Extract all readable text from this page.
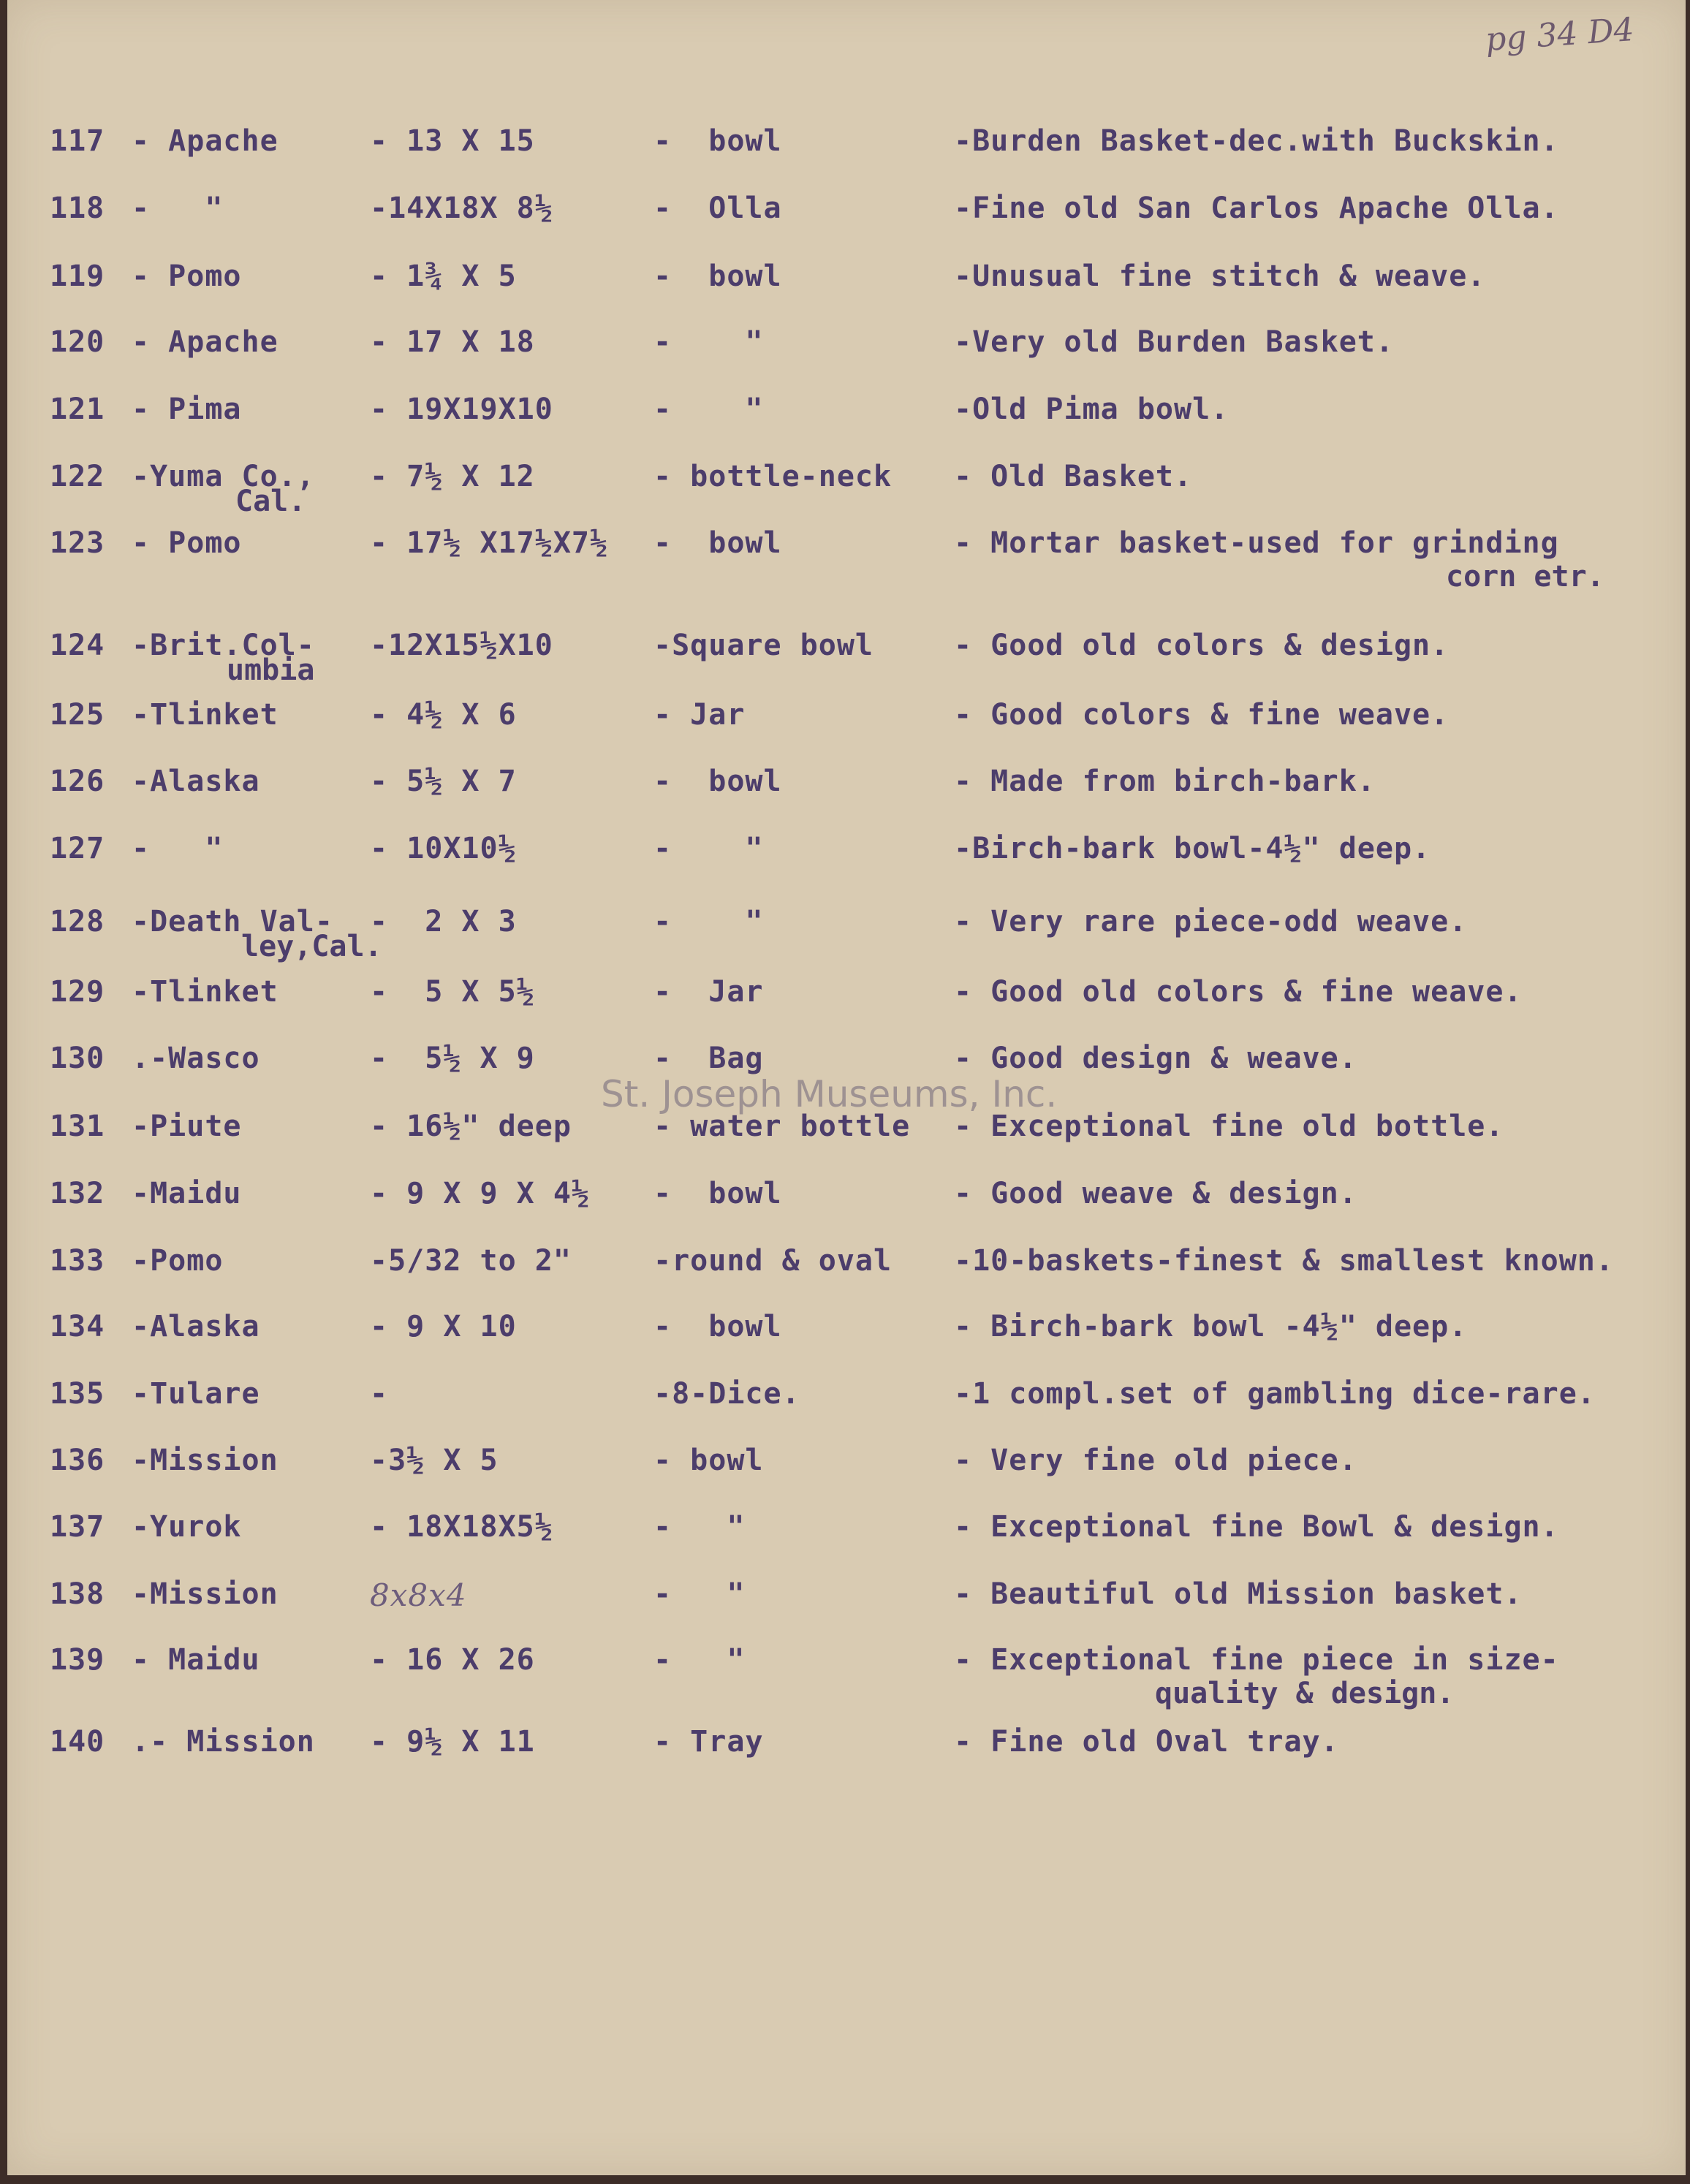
pg 34 D4
117 - Apache	- 13 X 15	-  bowl	-Burden Basket-dec.with Buckskin.
118 -   "	-14X18X 8½	-  Olla	-Fine old San Carlos Apache Olla.
119 - Pomo	- 1¾ X 5	-  bowl	-Unusual fine stitch & weave.
120 - Apache	- 17 X 18	-    "	-Very old Burden Basket.
121 - Pima	- 19X19X10	-    "	-Old Pima bowl.
122 -Yuma Co., - 7½ X 12	- bottle-neck - Old Basket.
Cal.
123 - Pomo	- 17½ X17½X7½ -  bowl	- Mortar basket-used for grinding
corn etr.
124 -Brit.Col- -12X15½X10	-Square bowl	- Good old colors & design.
umbia
125 -Tlinket	- 4½ X 6	- Jar	- Good colors & fine weave.
126 -Alaska	- 5½ X 7	-  bowl	- Made from birch-bark.
127 -   "	- 10X10½	-    "	-Birch-bark bowl-4½" deep.
128 -Death Val- -  2 X 3	-    "	- Very rare piece-odd weave.
ley,Cal.
129 -Tlinket	-  5 X 5½	-  Jar	- Good old colors & fine weave.
130 .-Wasco	-  5½ X 9	-  Bag	- Good design & weave.
131 -Piute	- 16½" deep	- water bottle - Exceptional fine old bottle.
132 -Maidu	- 9 X 9 X 4½ -  bowl	- Good weave & design.
133 -Pomo	-5/32 to 2"	-round & oval -10-baskets-finest & smallest known.
134 -Alaska	- 9 X 10	-  bowl	- Birch-bark bowl -4½" deep.
135 -Tulare	-	-8-Dice.	-1 compl.set of gambling dice-rare.
136 -Mission	-3½ X 5	- bowl	- Very fine old piece.
137 -Yurok	- 18X18X5½	-   "	- Exceptional fine Bowl & design.
138 -Mission	8x8x4	-   "	- Beautiful old Mission basket.
139 - Maidu	- 16 X 26	-   "	- Exceptional fine piece in size-
quality & design.
140 .- Mission - 9½ X 11	- Tray	- Fine old Oval tray.
St. Joseph Museums, Inc.
